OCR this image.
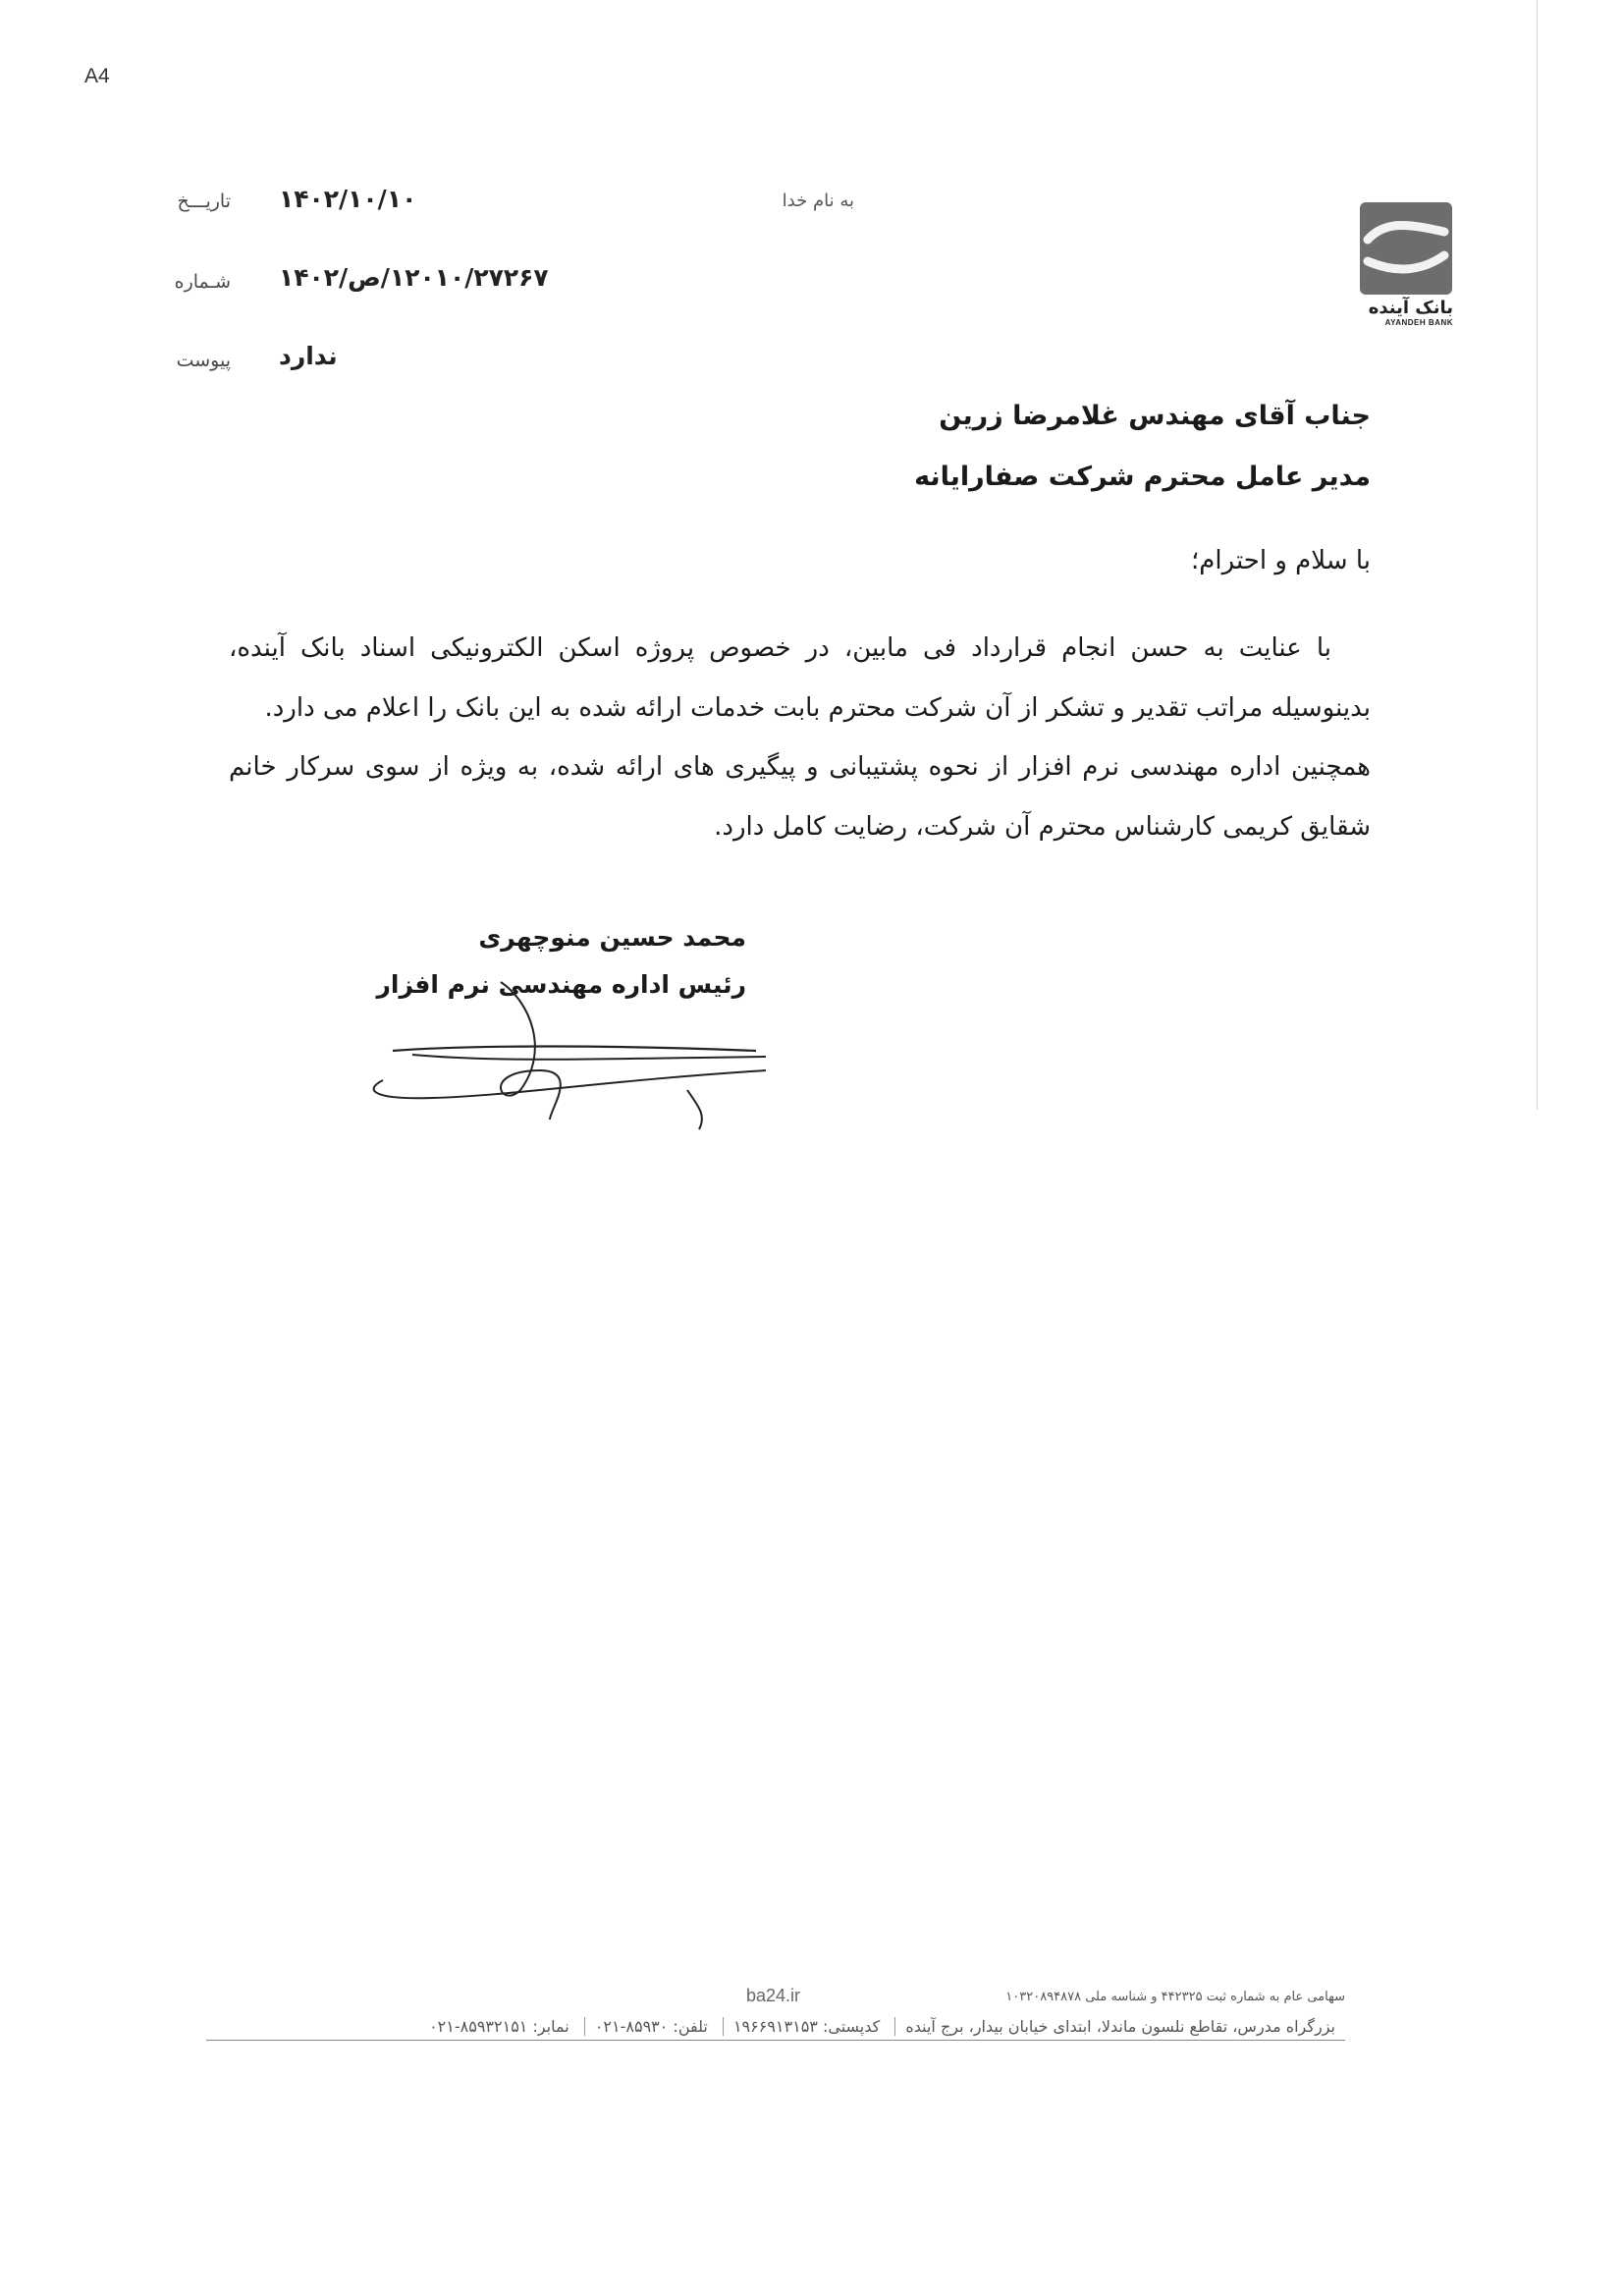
A4
به نام خدا
تاریـــخ ۱۴۰۲/۱۰/۱۰
شـماره ۱۲۰۱۰/۲۷۲۶۷/ص/۱۴۰۲
پیوست ندارد
بانک آینده
AYANDEH BANK
جناب آقای مهندس غلامرضا زرین
مدیر عامل محترم شرکت صفارایانه
با سلام و احترام؛

با عنایت به حسن انجام قرارداد فی مابین، در خصوص پروژه اسکن الکترونیکی اسناد بانک آینده، بدینوسیله مراتب تقدیر و تشکر از آن شرکت محترم بابت خدمات ارائه شده به این بانک را اعلام می دارد.

همچنین اداره مهندسی نرم افزار از نحوه پشتیبانی و پیگیری های ارائه شده، به ویژه از سوی سرکار خانم شقایق کریمی کارشناس محترم آن شرکت، رضایت کامل دارد.

محمد حسین منوچهری
رئیس اداره مهندسی نرم افزار
سهامی عام به شماره ثبت ۴۴۲۳۲۵ و شناسه ملی ۱۰۳۲۰۸۹۴۸۷۸
ba24.ir
بزرگراه مدرس، تقاطع نلسون ماندلا، ابتدای خیابان بیدار، برج آینده کدپستی: ۱۹۶۶۹۱۳۱۵۳ تلفن: ۸۵۹۳۰-۰۲۱ نمابر: ۸۵۹۳۲۱۵۱-۰۲۱
